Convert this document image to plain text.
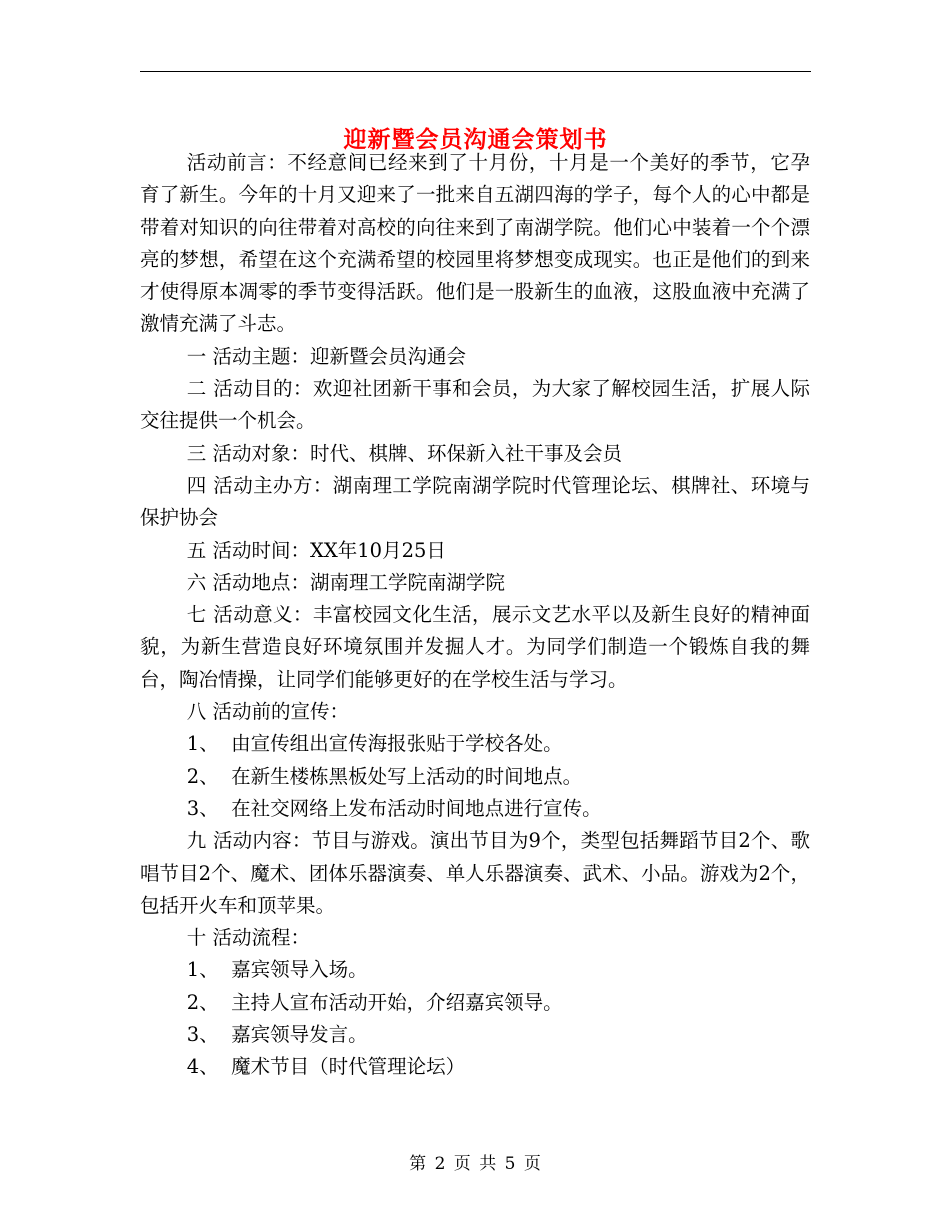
迎新暨会员沟通会策划书

活动前言：不经意间已经来到了十月份，十月是一个美好的季节，它孕育了新生。今年的十月又迎来了一批来自五湖四海的学子，每个人的心中都是带着对知识的向往带着对高校的向往来到了南湖学院。他们心中装着一个个漂亮的梦想，希望在这个充满希望的校园里将梦想变成现实。也正是他们的到来才使得原本凋零的季节变得活跃。他们是一股新生的血液，这股血液中充满了激情充满了斗志。

一 活动主题：迎新暨会员沟通会

二 活动目的：欢迎社团新干事和会员，为大家了解校园生活，扩展人际交往提供一个机会。

三 活动对象：时代、棋牌、环保新入社干事及会员

四 活动主办方：湖南理工学院南湖学院时代管理论坛、棋牌社、环境与保护协会

五 活动时间：XX年10月25日

六 活动地点：湖南理工学院南湖学院

七 活动意义：丰富校园文化生活，展示文艺水平以及新生良好的精神面貌，为新生营造良好环境氛围并发掘人才。为同学们制造一个锻炼自我的舞台，陶冶情操，让同学们能够更好的在学校生活与学习。

八 活动前的宣传：

1、  由宣传组出宣传海报张贴于学校各处。

2、  在新生楼栋黑板处写上活动的时间地点。

3、  在社交网络上发布活动时间地点进行宣传。

九 活动内容：节目与游戏。演出节目为9个，类型包括舞蹈节目2个、歌唱节目2个、魔术、团体乐器演奏、单人乐器演奏、武术、小品。游戏为2个，包括开火车和顶苹果。

十 活动流程：

1、  嘉宾领导入场。

2、  主持人宣布活动开始，介绍嘉宾领导。

3、  嘉宾领导发言。

4、  魔术节目（时代管理论坛）

第 2 页 共 5 页
